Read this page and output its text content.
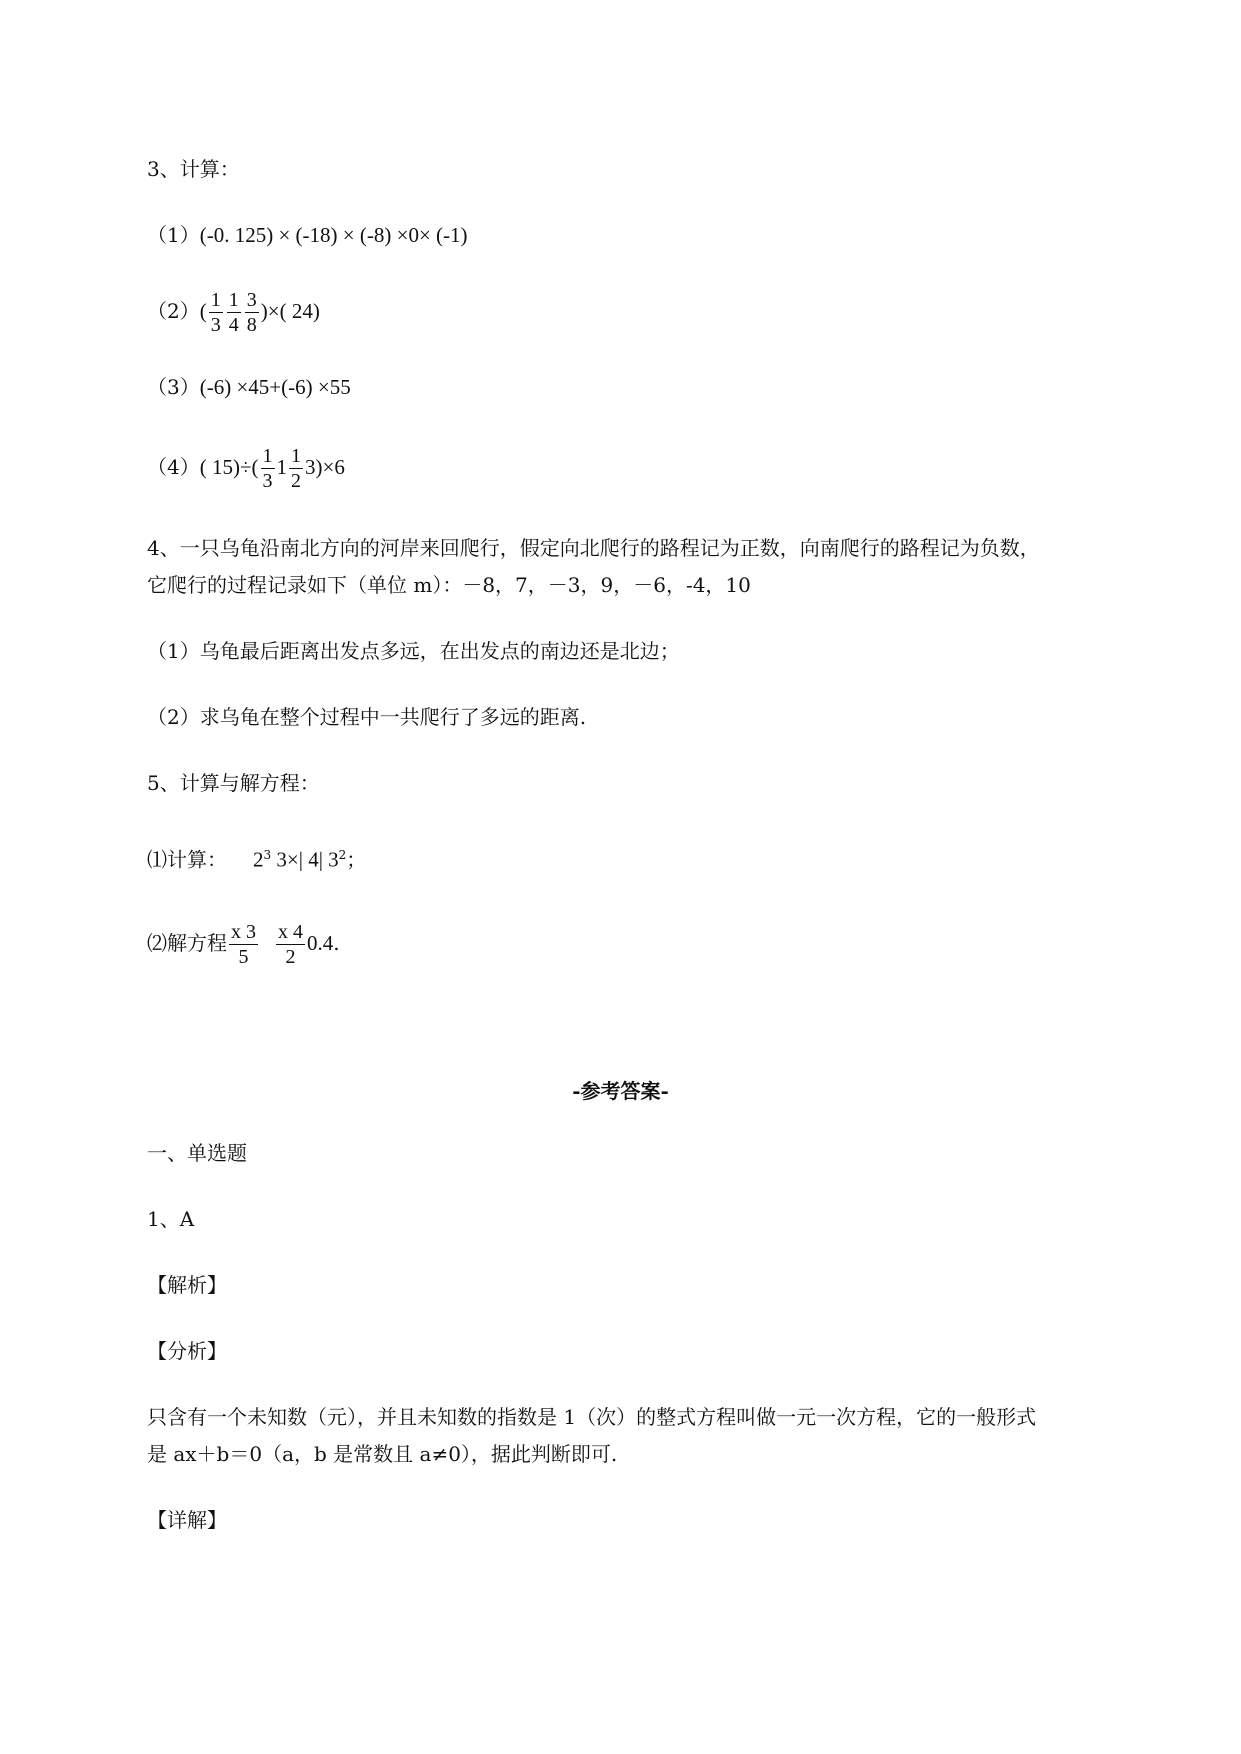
3、计算：
（1）(-0. 125) × (-18) × (-8) ×0× (-1)
$(2)( \frac{1}{3} \frac{1}{4} \frac{3}{8}$ )×( 24)
（3）(-6) ×45+(-6) ×55
（4）( $15)\div( \frac{1}{3} 1 \frac{1}{2} 3)\times 6$
4、一只乌龟沿南北方向的河岸来回爬行，假定向北爬行的路程记为正数，向南爬行的路程记为负数，
它爬行的过程记录如下（单位 m）：－8，7，－3，9，－6，-4，10
（1）乌龟最后距离出发点多远，在出发点的南边还是北边；
（2）求乌龟在整个过程中一共爬行了多远的距离.
5、计算与解方程：
⑴计算： $2^3$ 3×| 4| $3^2$；
⑵解方程 $\frac{x 3}{5} \frac{x 4}{2} 0.4$.
-参考答案-
一、单选题
1、A
【解析】
【分析】
只含有一个未知数（元），并且未知数的指数是 1（次）的整式方程叫做一元一次方程，它的一般形式
是 ax＋b＝0（a，b 是常数且 a≠0），据此判断即可.
【详解】
